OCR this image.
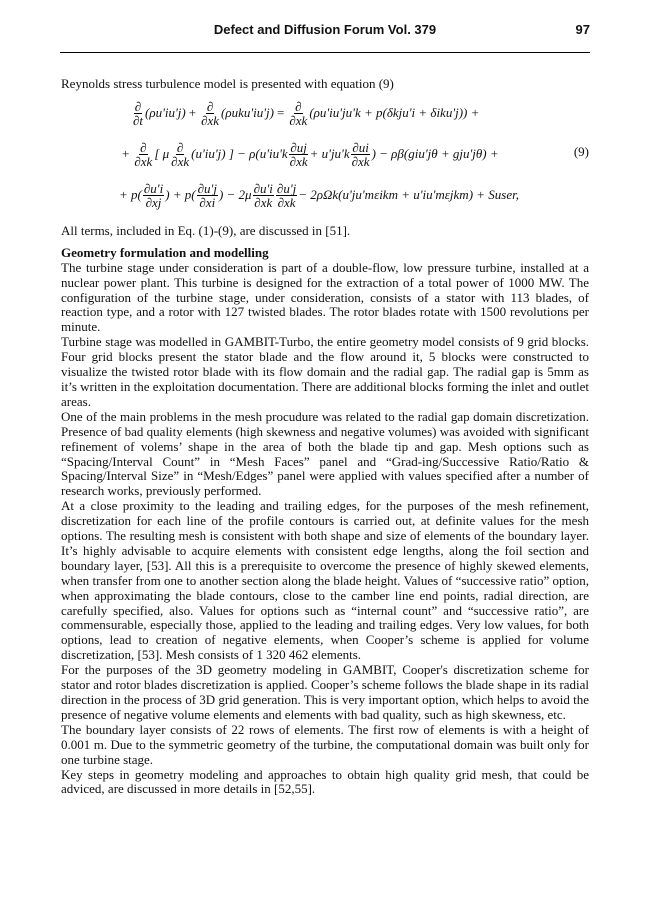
Defect and Diffusion Forum Vol. 379	97

Reynolds stress turbulence model is presented with equation (9)

$\frac{\partial}{\partial t} (\rho u'iu'j) + \frac{\partial}{\partial xk} (\rho uku'iu'j) = \frac{\partial}{\partial xk} (\rho u'iu'ju'k + p(\delta kju'i + \delta iku'j))$ +
+ $\frac{\partial}{\partial xk}$ [ μ $\frac{\partial}{\partial xk} (u'iu'j)$ ] − $\rho(u'iu'k \frac{\partial uj}{\partial xk} + u'ju'k \frac{\partial ui}{\partial xk}$ ) − ρβ(giu'jθ + gju'jθ) +
+ $p( \frac{\partial u'i}{\partial xj}$ ) + $p( \frac{\partial u'j}{\partial xi}$ ) − $2\mu \frac{\partial u'i}{\partial xk} \frac{\partial u'j}{\partial xk} - 2\rho\Omega k(u'ju'm\varepsilon ikm + u'iu'm\varepsilon jkm)$ + Suser,
(9)

All terms, included in Eq. (1)-(9), are discussed in [51].

Geometry formulation and modelling

The turbine stage under consideration is part of a double-flow, low pressure turbine, installed at a nuclear power plant. This turbine is designed for the extraction of a total power of 1000 MW. The configuration of the turbine stage, under consideration, consists of a stator with 113 blades, of reaction type, and a rotor with 127 twisted blades. The rotor blades rotate with 1500 revolutions per minute.

Turbine stage was modelled in GAMBIT-Turbo, the entire geometry model consists of 9 grid blocks. Four grid blocks present the stator blade and the flow around it, 5 blocks were constructed to visualize the twisted rotor blade with its flow domain and the radial gap. The radial gap is 5mm as it’s written in the exploitation documentation. There are additional blocks forming the inlet and outlet areas.

One of the main problems in the mesh procudure was related to the radial gap domain discretization. Presence of bad quality elements (high skewness and negative volumes) was avoided with significant refinement of volems’ shape in the area of both the blade tip and gap. Mesh options such as “Spacing/Interval Count” in “Mesh Faces” panel and “Grad-ing/Successive Ratio/Ratio & Spacing/Interval Size” in “Mesh/Edges” panel were applied with values specified after a number of research works, previously performed.

At a close proximity to the leading and trailing edges, for the purposes of the mesh refinement, discretization for each line of the profile contours is carried out, at definite values for the mesh options. The resulting mesh is consistent with both shape and size of elements of the boundary layer. It’s highly advisable to acquire elements with consistent edge lengths, along the foil section and boundary layer, [53]. All this is a prerequisite to overcome the presence of highly skewed elements, when transfer from one to another section along the blade height. Values of “successive ratio” option, when approximating the blade contours, close to the camber line end points, radial direction, are carefully specified, also. Values for options such as “internal count” and “successive ratio”, are commensurable, especially those, applied to the leading and trailing edges. Very low values, for both options, lead to creation of negative elements, when Cooper’s scheme is applied for volume discretization, [53]. Mesh consists of 1 320 462 elements.

For the purposes of the 3D geometry modeling in GAMBIT, Cooper's discretization scheme for stator and rotor blades discretization is applied. Cooper’s scheme follows the blade shape in its radial direction in the process of 3D grid generation. This is very important option, which helps to avoid the presence of negative volume elements and elements with bad quality, such as high skewness, etc.

The boundary layer consists of 22 rows of elements. The first row of elements is with a height of 0.001 m. Due to the symmetric geometry of the turbine, the computational domain was built only for one turbine stage.

Key steps in geometry modeling and approaches to obtain high quality grid mesh, that could be adviced, are discussed in more details in [52,55].
